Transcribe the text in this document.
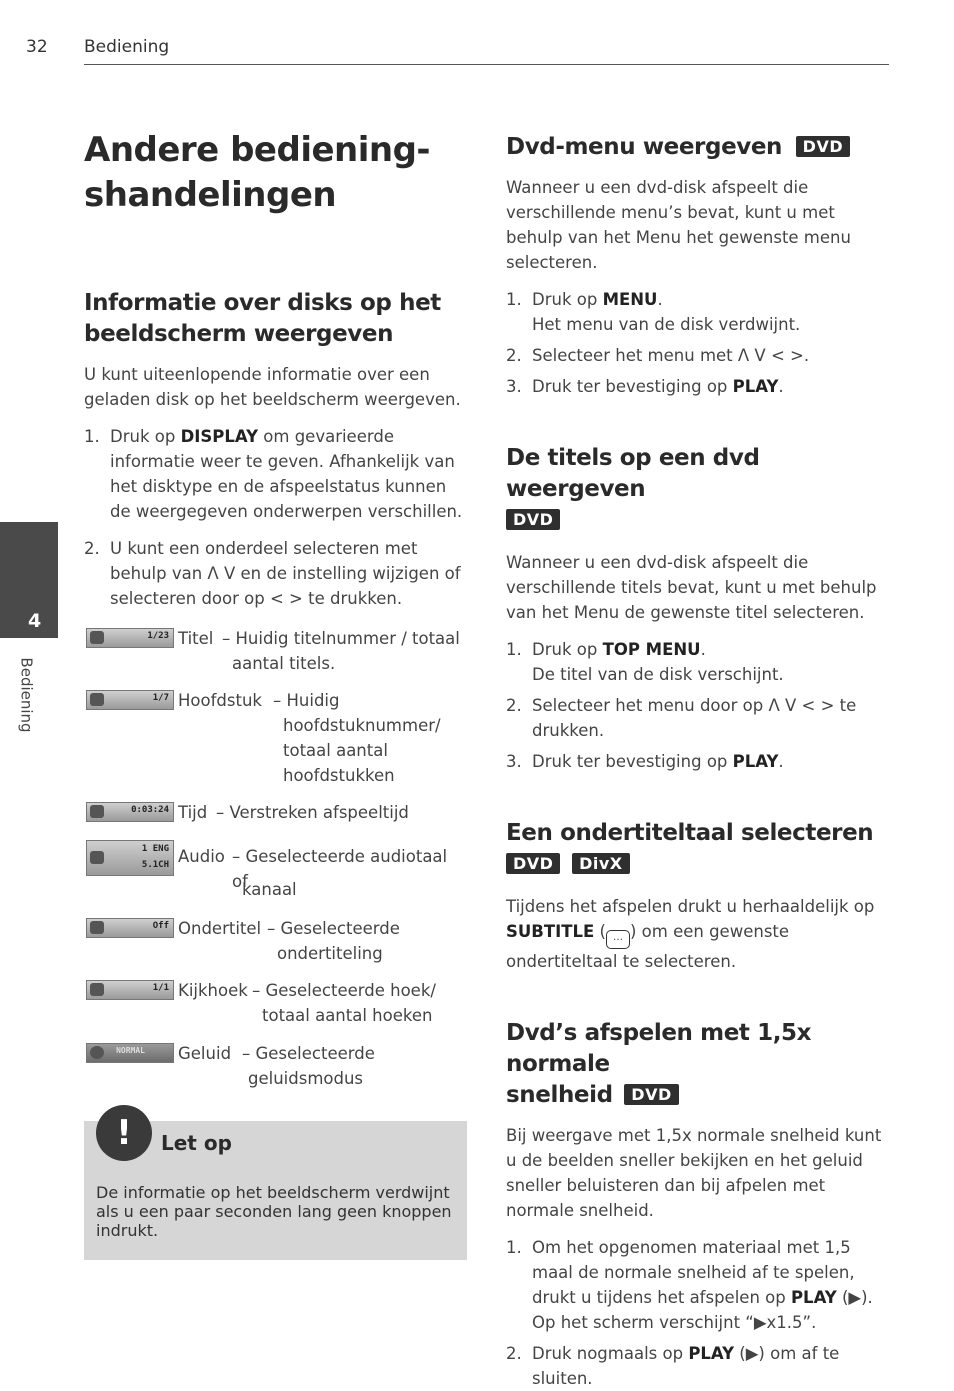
32 Bediening
4
Bediening
Andere bediening-
shandelingen
Informatie over disks op het
beeldscherm weergeven

U kunt uiteenlopende informatie over een geladen disk op het beeldscherm weergeven.

1. Druk op DISPLAY om gevarieerde informatie weer te geven. Afhankelijk van het disktype en de afspeelstatus kunnen de weergegeven onderwerpen verschillen.
2. U kunt een onderdeel selecteren met behulp van Λ V en de instelling wijzigen of selecteren door op < > te drukken.
1/23 Titel – Huidig titelnummer / totaal
aantal titels.
1/7 Hoofdstuk – Huidig
hoofdstuknummer/
totaal aantal
hoofdstukken
0:03:24 Tijd – Verstreken afspeeltijd
1 ENG
5.1CH Audio – Geselecteerde audiotaal of
kanaal
Off Ondertitel – Geselecteerde
ondertiteling
1/1 Kijkhoek – Geselecteerde hoek/
totaal aantal hoeken
NORMAL Geluid – Geselecteerde
geluidsmodus
!	Let op
De informatie op het beeldscherm verdwijnt als u een paar seconden lang geen knoppen indrukt.
Dvd-menu weergeven DVD

Wanneer u een dvd-disk afspeelt die verschillende menu’s bevat, kunt u met behulp van het Menu het gewenste menu selecteren.

1. Druk op MENU.
Het menu van de disk verdwijnt.
2. Selecteer het menu met Λ V < >.
3. Druk ter bevestiging op PLAY.
De titels op een dvd weergeven
DVD

Wanneer u een dvd-disk afspeelt die verschillende titels bevat, kunt u met behulp van het Menu de gewenste titel selecteren.

1. Druk op TOP MENU.
De titel van de disk verschijnt.
2. Selecteer het menu door op Λ V < > te drukken.
3. Druk ter bevestiging op PLAY.
Een ondertiteltaal selecteren
DVD DivX

Tijdens het afspelen drukt u herhaaldelijk op SUBTITLE ( … ) om een gewenste ondertiteltaal te selecteren.

Dvd’s afspelen met 1,5x normale
snelheid DVD

Bij weergave met 1,5x normale snelheid kunt u de beelden sneller bekijken en het geluid sneller beluisteren dan bij afpelen met normale snelheid.

1. Om het opgenomen materiaal met 1,5 maal de normale snelheid af te spelen, drukt u tijdens het afspelen op PLAY (▶).
Op het scherm verschijnt “▶x1.5”.
2. Druk nogmaals op PLAY (▶) om af te sluiten.
